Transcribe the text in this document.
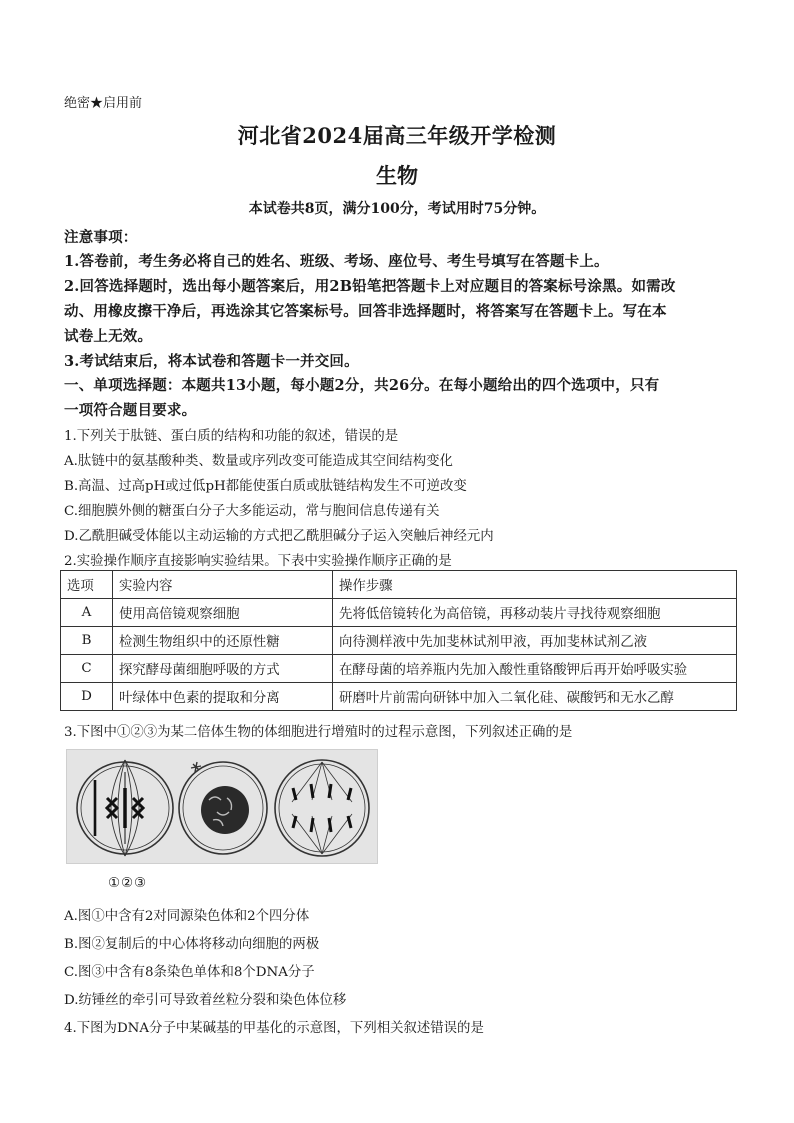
绝密★启用前
河北省2024届高三年级开学检测
生物
本试卷共8页，满分100分，考试用时75分钟。
注意事项：
1.答卷前，考生务必将自己的姓名、班级、考场、座位号、考生号填写在答题卡上。
2.回答选择题时，选出每小题答案后，用2B铅笔把答题卡上对应题目的答案标号涂黑。如需改
动、用橡皮擦干净后，再选涂其它答案标号。回答非选择题时，将答案写在答题卡上。写在本
试卷上无效。
3.考试结束后，将本试卷和答题卡一并交回。
一、单项选择题：本题共13小题，每小题2分，共26分。在每小题给出的四个选项中，只有
一项符合题目要求。
1.下列关于肽链、蛋白质的结构和功能的叙述，错误的是
A.肽链中的氨基酸种类、数量或序列改变可能造成其空间结构变化
B.高温、过高pH或过低pH都能使蛋白质或肽链结构发生不可逆改变
C.细胞膜外侧的糖蛋白分子大多能运动，常与胞间信息传递有关
D.乙酰胆碱受体能以主动运输的方式把乙酰胆碱分子运入突触后神经元内
2.实验操作顺序直接影响实验结果。下表中实验操作顺序正确的是
选项	实验内容	操作步骤
A	使用高倍镜观察细胞	先将低倍镜转化为高倍镜，再移动装片寻找待观察细胞
B	检测生物组织中的还原性糖	向待测样液中先加斐林试剂甲液，再加斐林试剂乙液
C	探究酵母菌细胞呼吸的方式	在酵母菌的培养瓶内先加入酸性重铬酸钾后再开始呼吸实验
D	叶绿体中色素的提取和分离	研磨叶片前需向研钵中加入二氧化硅、碳酸钙和无水乙醇
3.下图中①②③为某二倍体生物的体细胞进行增殖时的过程示意图，下列叙述正确的是
①②③
A.图①中含有2对同源染色体和2个四分体
B.图②复制后的中心体将移动向细胞的两极
C.图③中含有8条染色单体和8个DNA分子
D.纺锤丝的牵引可导致着丝粒分裂和染色体位移
4.下图为DNA分子中某碱基的甲基化的示意图，下列相关叙述错误的是
